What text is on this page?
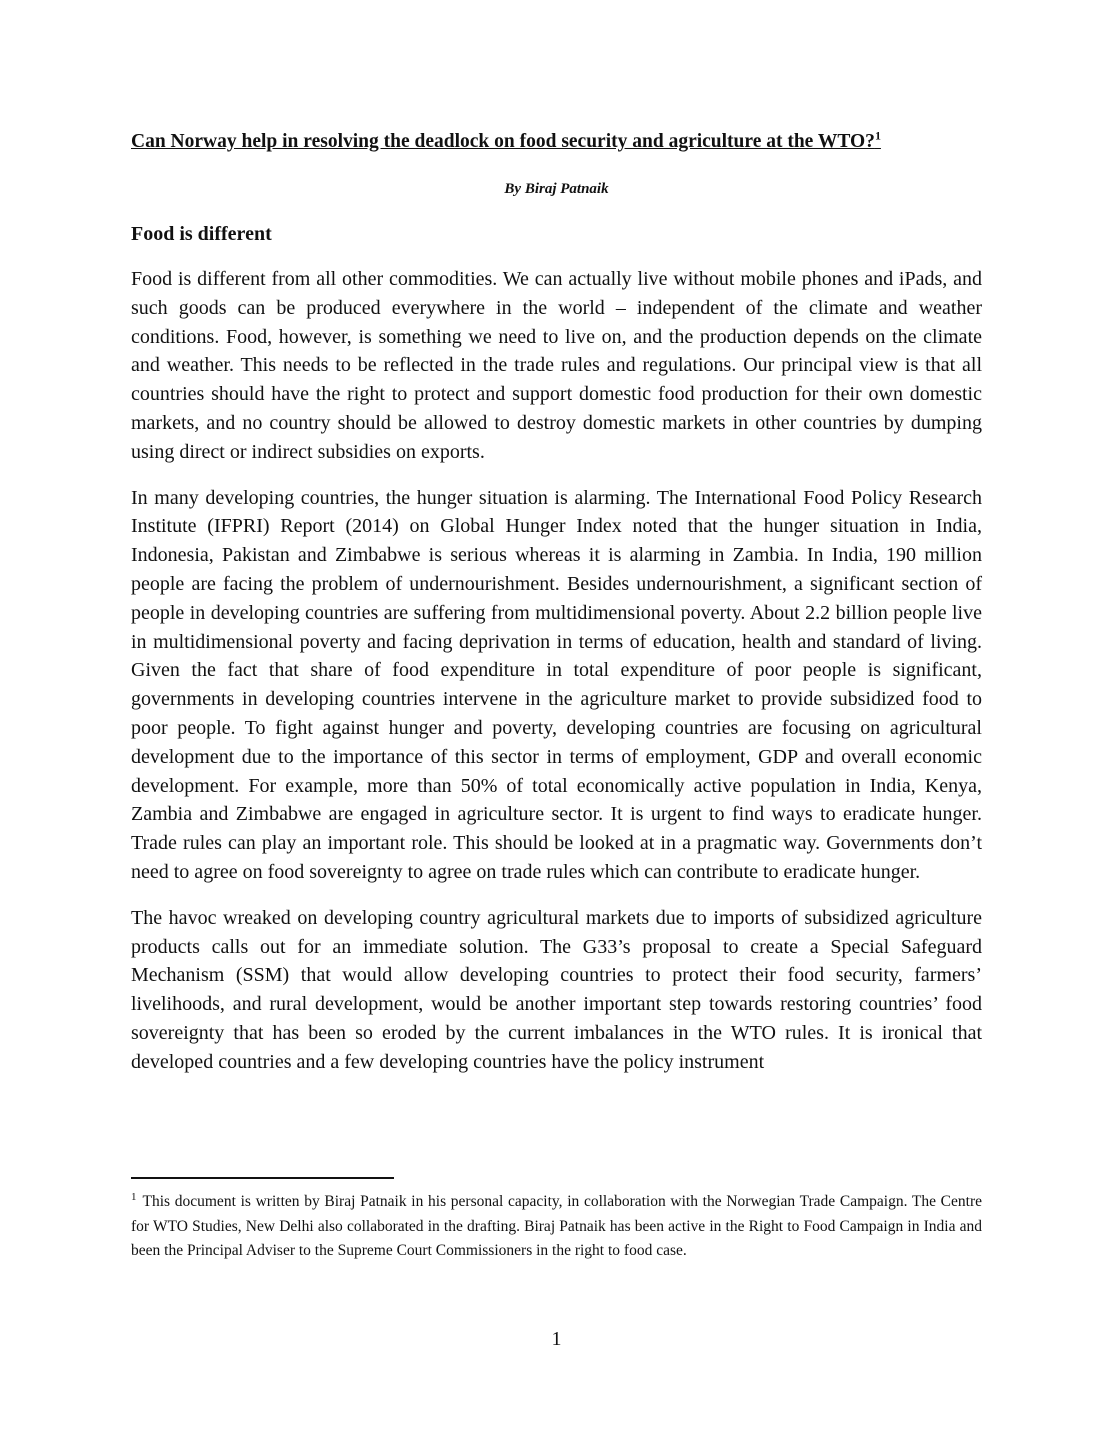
Can Norway help in resolving the deadlock on food security and agriculture at the WTO?$^1$
By Biraj Patnaik
Food is different

Food is different from all other commodities. We can actually live without mobile phones and iPads, and such goods can be produced everywhere in the world – independent of the climate and weather conditions. Food, however, is something we need to live on, and the production depends on the climate and weather. This needs to be reflected in the trade rules and regulations. Our principal view is that all countries should have the right to protect and support domestic food production for their own domestic markets, and no country should be allowed to destroy domestic markets in other countries by dumping using direct or indirect subsidies on exports.

In many developing countries, the hunger situation is alarming. The International Food Policy Research Institute (IFPRI) Report (2014) on Global Hunger Index noted that the hunger situation in India, Indonesia, Pakistan and Zimbabwe is serious whereas it is alarming in Zambia. In India, 190 million people are facing the problem of undernourishment. Besides undernourishment, a significant section of people in developing countries are suffering from multidimensional poverty. About 2.2 billion people live in multidimensional poverty and facing deprivation in terms of education, health and standard of living. Given the fact that share of food expenditure in total expenditure of poor people is significant, governments in developing countries intervene in the agriculture market to provide subsidized food to poor people. To fight against hunger and poverty, developing countries are focusing on agricultural development due to the importance of this sector in terms of employment, GDP and overall economic development. For example, more than 50% of total economically active population in India, Kenya, Zambia and Zimbabwe are engaged in agriculture sector. It is urgent to find ways to eradicate hunger. Trade rules can play an important role. This should be looked at in a pragmatic way. Governments don’t need to agree on food sovereignty to agree on trade rules which can contribute to eradicate hunger.

The havoc wreaked on developing country agricultural markets due to imports of subsidized agriculture products calls out for an immediate solution. The G33’s proposal to create a Special Safeguard Mechanism (SSM) that would allow developing countries to protect their food security, farmers’ livelihoods, and rural development, would be another important step towards restoring countries’ food sovereignty that has been so eroded by the current imbalances in the WTO rules. It is ironical that developed countries and a few developing countries have the policy instrument

$^1$ This document is written by Biraj Patnaik in his personal capacity, in collaboration with the Norwegian Trade Campaign. The Centre for WTO Studies, New Delhi also collaborated in the drafting. Biraj Patnaik has been active in the Right to Food Campaign in India and been the Principal Adviser to the Supreme Court Commissioners in the right to food case.
1
